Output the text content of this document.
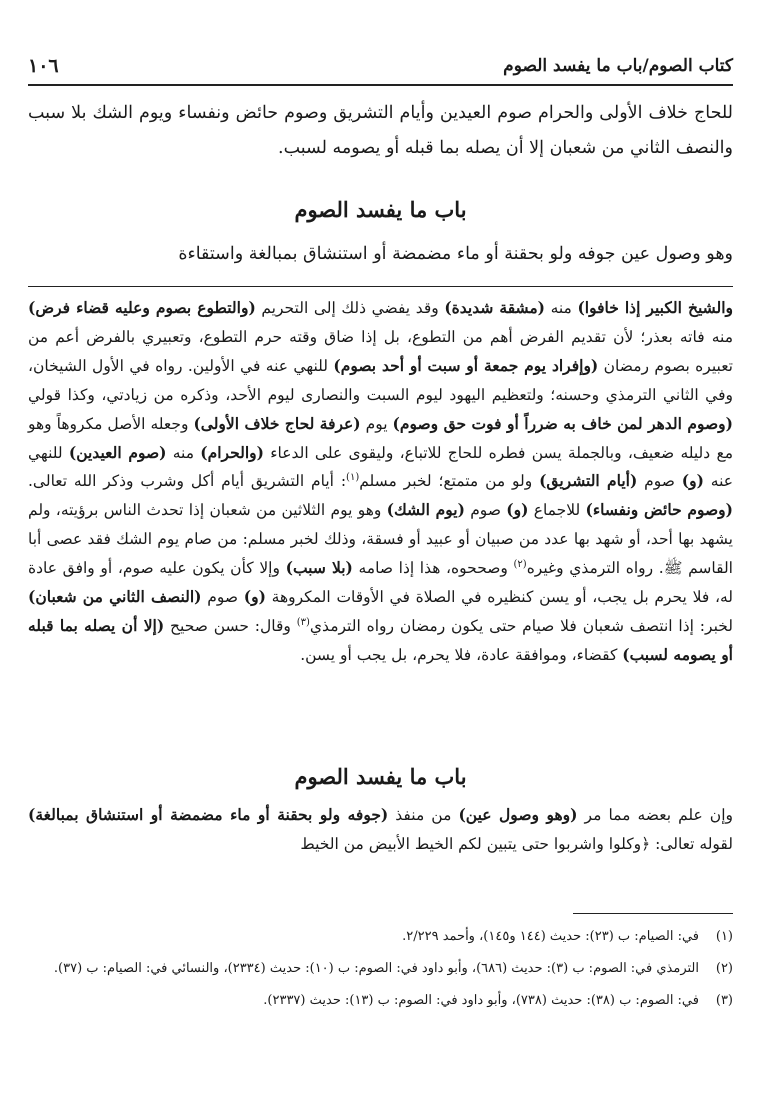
كتاب الصوم/باب ما يفسد الصوم
١٠٦
للحاج خلاف الأولى والحرام صوم العيدين وأيام التشريق وصوم حائض ونفساء ويوم الشك بلا سبب والنصف الثاني من شعبان إلا أن يصله بما قبله أو يصومه لسبب.
باب ما يفسد الصوم
وهو وصول عين جوفه ولو بحقنة أو ماء مضمضة أو استنشاق بمبالغة واستقاءة
والشيخ الكبير إذا خافوا) منه (مشقة شديدة) وقد يفضي ذلك إلى التحريم (والتطوع بصوم وعليه قضاء فرض) منه فاته بعذر؛ لأن تقديم الفرض أهم من التطوع، بل إذا ضاق وقته حرم التطوع، وتعبيري بالفرض أعم من تعبيره بصوم رمضان (وإفراد يوم جمعة أو سبت أو أحد بصوم) للنهي عنه في الأولين. رواه في الأول الشيخان، وفي الثاني الترمذي وحسنه؛ ولتعظيم اليهود ليوم السبت والنصارى ليوم الأحد، وذكره من زيادتي، وكذا قولي (وصوم الدهر لمن خاف به ضرراً أو فوت حق وصوم) يوم (عرفة لحاج خلاف الأولى) وجعله الأصل مكروهاً وهو مع دليله ضعيف، وبالجملة يسن فطره للحاج للاتباع، وليقوى على الدعاء (والحرام) منه (صوم العيدين) للنهي عنه (و) صوم (أيام التشريق) ولو من متمتع؛ لخبر مسلم$^{(١)}$: أيام التشريق أيام أكل وشرب وذكر الله تعالى. (وصوم حائض ونفساء) للاجماع (و) صوم (يوم الشك) وهو يوم الثلاثين من شعبان إذا تحدث الناس برؤيته، ولم يشهد بها أحد، أو شهد بها عدد من صبيان أو عبيد أو فسقة، وذلك لخبر مسلم: من صام يوم الشك فقد عصى أبا القاسم ﷺ. رواه الترمذي وغيره$^{(٢)}$ وصححوه، هذا إذا صامه (بلا سبب) وإلا كأن يكون عليه صوم، أو وافق عادة له، فلا يحرم بل يجب، أو يسن كنظيره في الصلاة في الأوقات المكروهة (و) صوم (النصف الثاني من شعبان) لخبر: إذا انتصف شعبان فلا صيام حتى يكون رمضان رواه الترمذي$^{(٣)}$ وقال: حسن صحيح (إلا أن يصله بما قبله أو يصومه لسبب) كقضاء، وموافقة عادة، فلا يحرم، بل يجب أو يسن.
باب ما يفسد الصوم
وإن علم بعضه مما مر (وهو وصول عين) من منفذ (جوفه ولو بحقنة أو ماء مضمضة أو استنشاق بمبالغة) لقوله تعالى: ﴿وكلوا واشربوا حتى يتبين لكم الخيط الأبيض من الخيط
(١)
في: الصيام: ب (٢٣): حديث (١٤٤ و١٤٥)، وأحمد ٢/٢٢٩.
(٢)
الترمذي في: الصوم: ب (٣): حديث (٦٨٦)، وأبو داود في: الصوم: ب (١٠): حديث (٢٣٣٤)، والنسائي في: الصيام: ب (٣٧).
(٣)
في: الصوم: ب (٣٨): حديث (٧٣٨)، وأبو داود في: الصوم: ب (١٣): حديث (٢٣٣٧).
